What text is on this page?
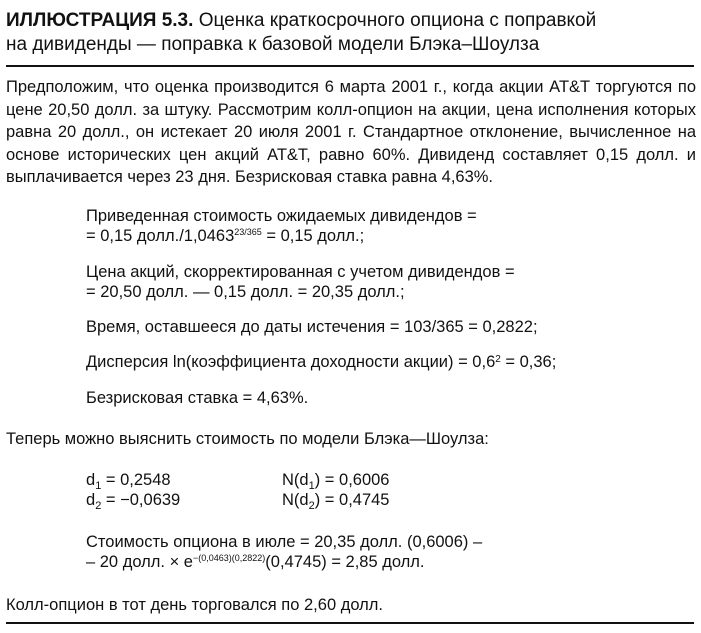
ИЛЛЮСТРАЦИЯ 5.3. Оценка краткосрочного опциона с поправкой
на дивиденды — поправка к базовой модели Блэка–Шоулза
Предположим, что оценка производится 6 марта 2001 г., когда акции AT&T торгуются по цене 20,50 долл. за штуку. Рассмотрим колл-опцион на акции, цена исполнения которых равна 20 долл., он истекает 20 июля 2001 г. Стандартное отклонение, вычисленное на основе исторических цен акций AT&T, равно 60%. Дивиденд составляет 0,15 долл. и выплачивается через 23 дня. Безрисковая ставка равна 4,63%.
Приведенная стоимость ожидаемых дивидендов =
= 0,15 $долл./1,0463^{23/365} = 0,15$ долл.;
Цена акций, скорректированная с учетом дивидендов =
= 20,50 долл. — 0,15 долл. = 20,35 долл.;
Время, оставшееся до даты истечения = 103/365 = 0,2822;
Дисперсия ln(коэффициента доходности акции) = $0,6^2 = 0,36$;
Безрисковая ставка = 4,63%.
Теперь можно выяснить стоимость по модели Блэка—Шоулза:
$d_1 = 0,2548$	$N(d_1) = 0,6006$
$d_2 = -0,0639$	$N(d_2) = 0,4745$
Стоимость опциона в июле = 20,35 долл. (0,6006) –
– 20 долл. × $e^{-(0,0463)(0,2822)}(0,4745) = 2,85$ долл.
Колл-опцион в тот день торговался по 2,60 долл.
